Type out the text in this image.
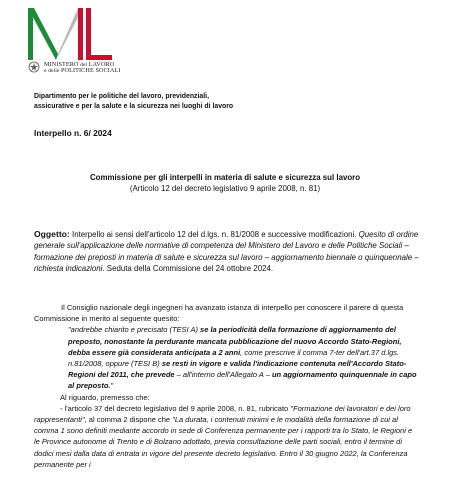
MINISTERO del LAVORO
e delle POLITICHE SOCIALI
Dipartimento per le politiche del lavoro, previdenziali,
assicurative e per la salute e la sicurezza nei luoghi di lavoro
Interpello n. 6/ 2024
Commissione per gli interpelli in materia di salute e sicurezza sul lavoro
(Articolo 12 del decreto legislativo 9 aprile 2008, n. 81)
Oggetto: Interpello ai sensi dell'articolo 12 del d.lgs. n. 81/2008 e successive modificazioni. Quesito di ordine generale sull'applicazione delle normative di competenza del Ministero del Lavoro e delle Politiche Sociali – formazione dei preposti in materia di salute e sicurezza sul lavoro – aggiornamento biennale o quinquennale – richiesta indicazioni. Seduta della Commissione del 24 ottobre 2024.

Il Consiglio nazionale degli ingegneri ha avanzato istanza di interpello per conoscere il parere di questa Commissione in merito al seguente quesito:

"andrebbe chiarito e precisato (TESI A) se la periodicità della formazione di aggiornamento del preposto, nonostante la perdurante mancata pubblicazione del nuovo Accordo Stato-Regioni, debba essere già considerata anticipata a 2 anni, come prescrive il comma 7-ter dell'art.37 d.lgs. n.81/2008, oppure (TESI B) se resti in vigore e valida l'indicazione contenuta nell'Accordo Stato-Regioni del 2011, che prevede – all'interno dell'Allegato A – un aggiornamento quinquennale in capo al preposto."

Al riguardo, premesso che:

- l'articolo 37 del decreto legislativo del 9 aprile 2008, n. 81, rubricato "Formazione dei lavoratori e dei loro rappresentanti", al comma 2 dispone che "La durata, i contenuti minimi e le modalità della formazione di cui al comma 1 sono definiti mediante accordo in sede di Conferenza permanente per i rapporti tra lo Stato, le Regioni e le Province autonome di Trento e di Bolzano adottato, previa consultazione delle parti sociali, entro il termine di dodici mesi dalla data di entrata in vigore del presente decreto legislativo. Entro il 30 giugno 2022, la Conferenza permanente per i
